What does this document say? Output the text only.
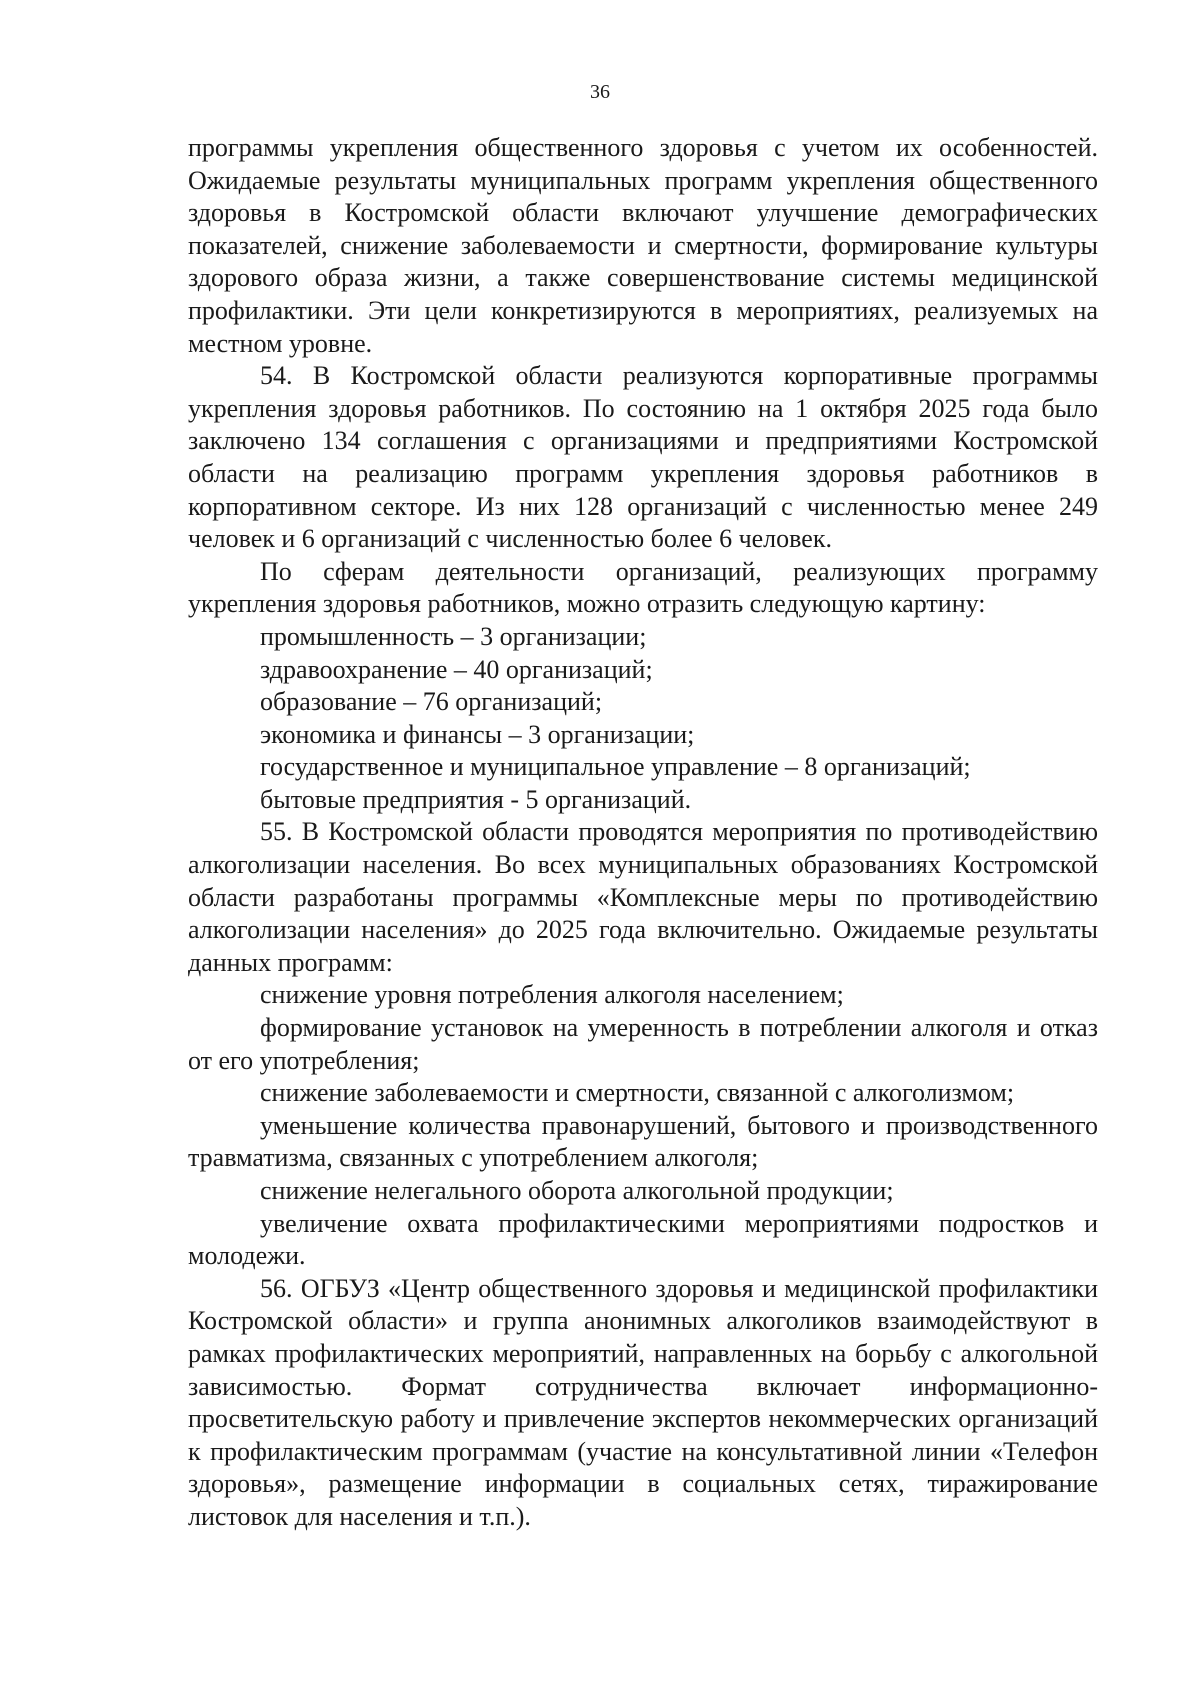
36

программы укрепления общественного здоровья с учетом их особенностей. Ожидаемые результаты муниципальных программ укрепления общественного здоровья в Костромской области включают улучшение демографических показателей, снижение заболеваемости и смертности, формирование культуры здорового образа жизни, а также совершенствование системы медицинской профилактики. Эти цели конкретизируются в мероприятиях, реализуемых на местном уровне.

54. В Костромской области реализуются корпоративные программы укрепления здоровья работников. По состоянию на 1 октября 2025 года было заключено 134 соглашения с организациями и предприятиями Костромской области на реализацию программ укрепления здоровья работников в корпоративном секторе. Из них 128 организаций с численностью менее 249 человек и 6 организаций с численностью более 6 человек.

По сферам деятельности организаций, реализующих программу укрепления здоровья работников, можно отразить следующую картину:

промышленность – 3 организации;

здравоохранение – 40 организаций;

образование – 76 организаций;

экономика и финансы – 3 организации;

государственное и муниципальное управление – 8 организаций;

бытовые предприятия - 5 организаций.

55. В Костромской области проводятся мероприятия по противодействию алкоголизации населения. Во всех муниципальных образованиях Костромской области разработаны программы «Комплексные меры по противодействию алкоголизации населения» до 2025 года включительно. Ожидаемые результаты данных программ:

снижение уровня потребления алкоголя населением;

формирование установок на умеренность в потреблении алкоголя и отказ от его употребления;

снижение заболеваемости и смертности, связанной с алкоголизмом;

уменьшение количества правонарушений, бытового и производственного травматизма, связанных с употреблением алкоголя;

снижение нелегального оборота алкогольной продукции;

увеличение охвата профилактическими мероприятиями подростков и молодежи.

56. ОГБУЗ «Центр общественного здоровья и медицинской профилактики Костромской области» и группа анонимных алкоголиков взаимодействуют в рамках профилактических мероприятий, направленных на борьбу с алкогольной зависимостью. Формат сотрудничества включает информационно-просветительскую работу и привлечение экспертов некоммерческих организаций к профилактическим программам (участие на консультативной линии «Телефон здоровья», размещение информации в социальных сетях, тиражирование листовок для населения и т.п.).
